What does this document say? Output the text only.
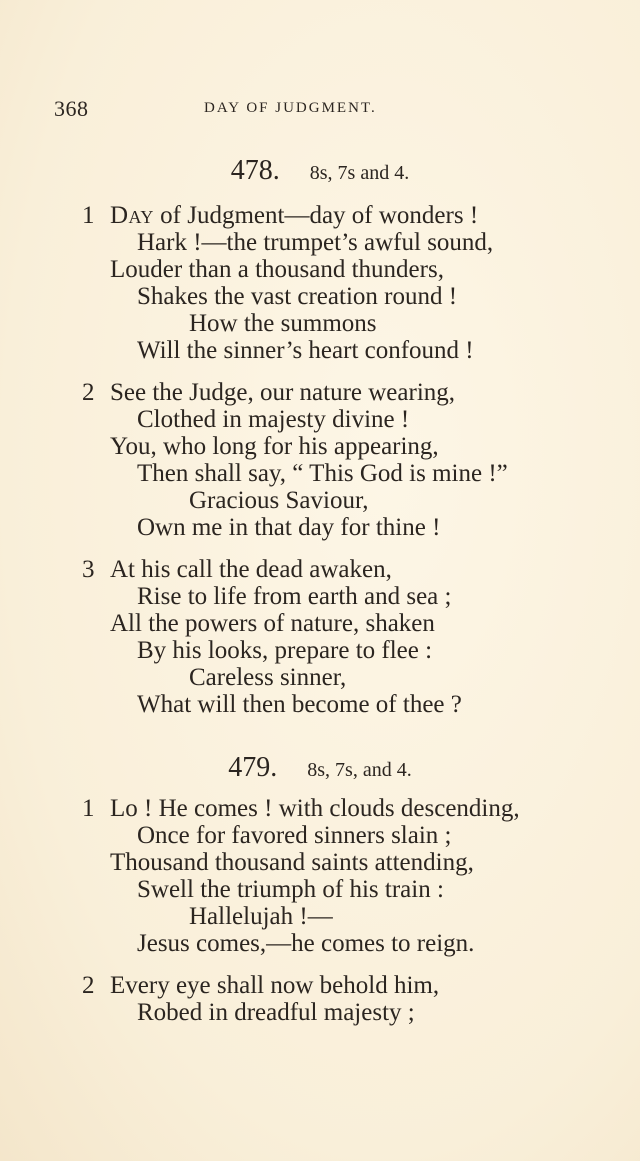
368	DAY OF JUDGMENT.
478. 8s, 7s and 4.
1 Day of Judgment—day of wonders !
Hark !—the trumpet’s awful sound,
Louder than a thousand thunders,
Shakes the vast creation round !
How the summons
Will the sinner’s heart confound !
2 See the Judge, our nature wearing,
Clothed in majesty divine !
You, who long for his appearing,
Then shall say, “ This God is mine !”
Gracious Saviour,
Own me in that day for thine !
3 At his call the dead awaken,
Rise to life from earth and sea ;
All the powers of nature, shaken
By his looks, prepare to flee :
Careless sinner,
What will then become of thee ?
479. 8s, 7s, and 4.
1 Lo ! He comes ! with clouds descending,
Once for favored sinners slain ;
Thousand thousand saints attending,
Swell the triumph of his train :
Hallelujah !—
Jesus comes,—he comes to reign.
2 Every eye shall now behold him,
Robed in dreadful majesty ;
